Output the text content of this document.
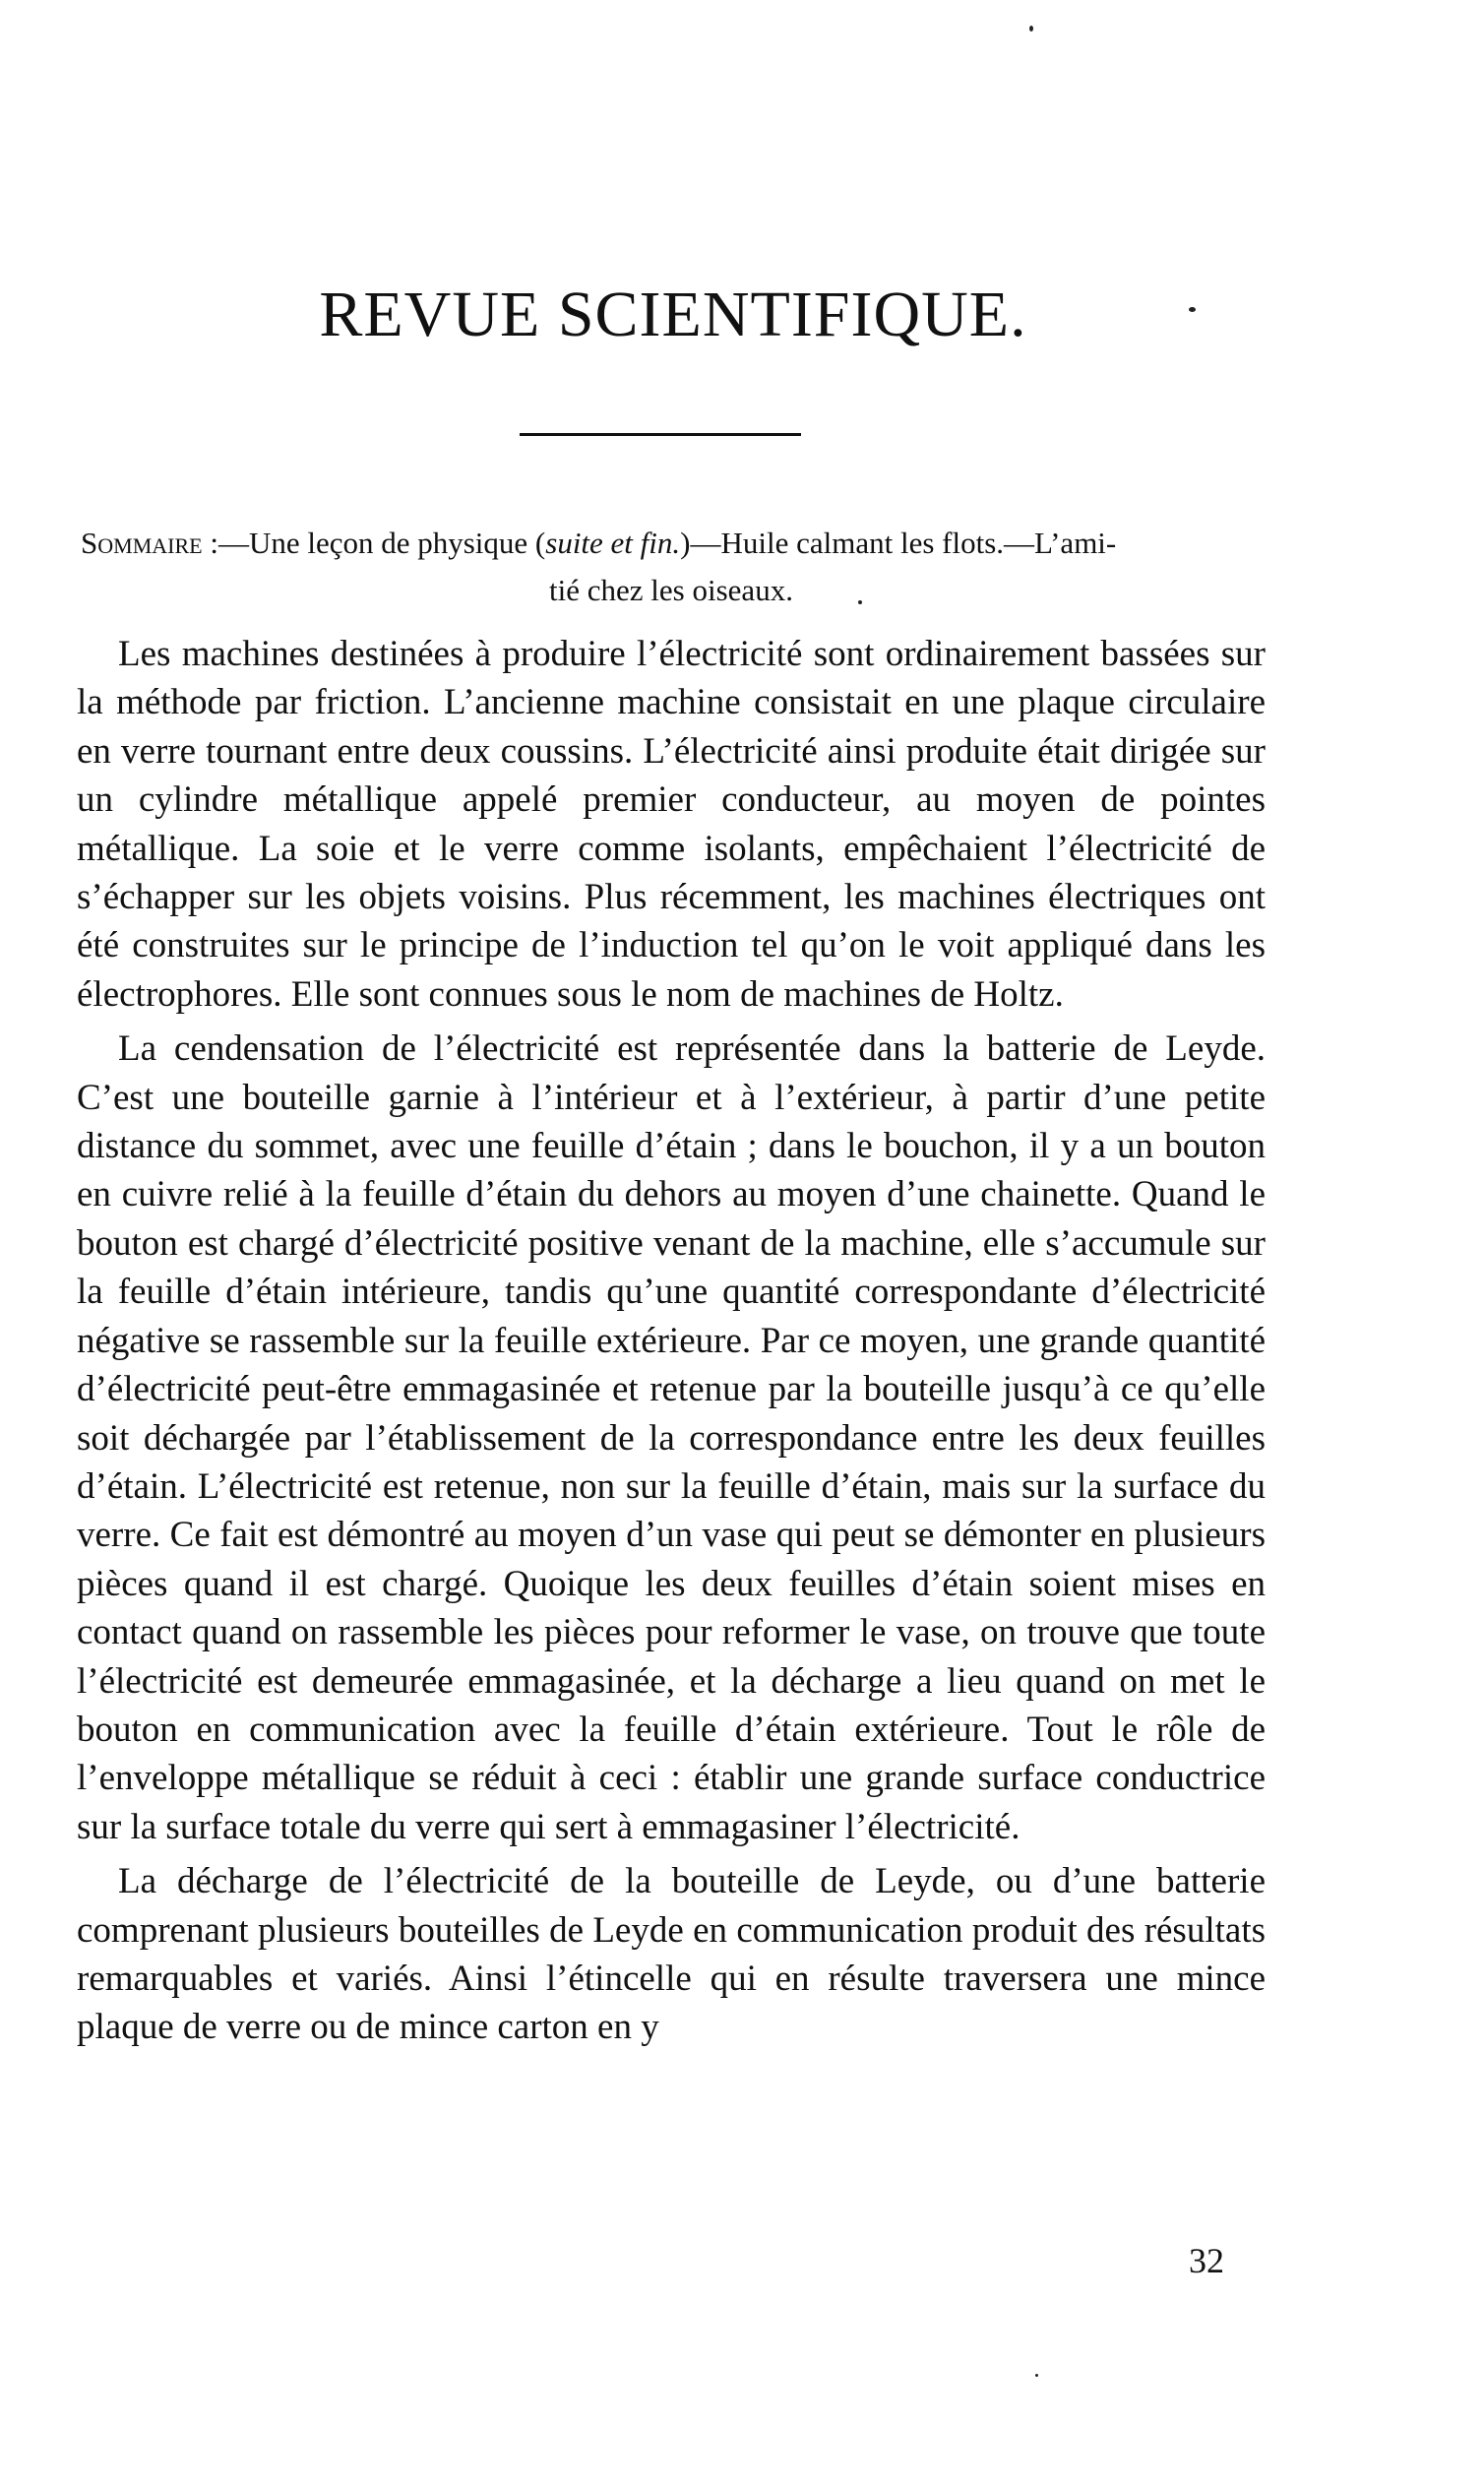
REVUE SCIENTIFIQUE.
Sommaire :—Une leçon de physique (suite et fin.)—Huile calmant les flots.—L’ami-
tié chez les oiseaux.

Les machines destinées à produire l’électricité sont ordinairement bassées sur la méthode par friction. L’ancienne machine consistait en une plaque circulaire en verre tournant entre deux coussins. L’électricité ainsi produite était dirigée sur un cylindre métallique appelé premier conducteur, au moyen de pointes métallique. La soie et le verre comme isolants, empêchaient l’électricité de s’échapper sur les objets voisins. Plus récemment, les machines électriques ont été construites sur le principe de l’induction tel qu’on le voit appliqué dans les électrophores. Elle sont connues sous le nom de machines de Holtz.

La cendensation de l’électricité est représentée dans la batterie de Leyde. C’est une bouteille garnie à l’intérieur et à l’extérieur, à partir d’une petite distance du sommet, avec une feuille d’étain ; dans le bouchon, il y a un bouton en cuivre relié à la feuille d’étain du dehors au moyen d’une chainette. Quand le bouton est chargé d’électricité positive venant de la machine, elle s’accumule sur la feuille d’étain intérieure, tandis qu’une quantité correspondante d’électricité négative se rassemble sur la feuille extérieure. Par ce moyen, une grande quantité d’électricité peut-être emmagasinée et retenue par la bouteille jusqu’à ce qu’elle soit déchargée par l’établissement de la correspondance entre les deux feuilles d’étain. L’électricité est retenue, non sur la feuille d’étain, mais sur la surface du verre. Ce fait est démontré au moyen d’un vase qui peut se démonter en plusieurs pièces quand il est chargé. Quoique les deux feuilles d’étain soient mises en contact quand on rassemble les pièces pour reformer le vase, on trouve que toute l’électricité est demeurée emmagasinée, et la décharge a lieu quand on met le bouton en communication avec la feuille d’étain extérieure. Tout le rôle de l’enveloppe métallique se réduit à ceci : établir une grande surface conductrice sur la surface totale du verre qui sert à emmagasiner l’électricité.

La décharge de l’électricité de la bouteille de Leyde, ou d’une batterie comprenant plusieurs bouteilles de Leyde en communication produit des résultats remarquables et variés. Ainsi l’étincelle qui en résulte traversera une mince plaque de verre ou de mince carton en y

32
